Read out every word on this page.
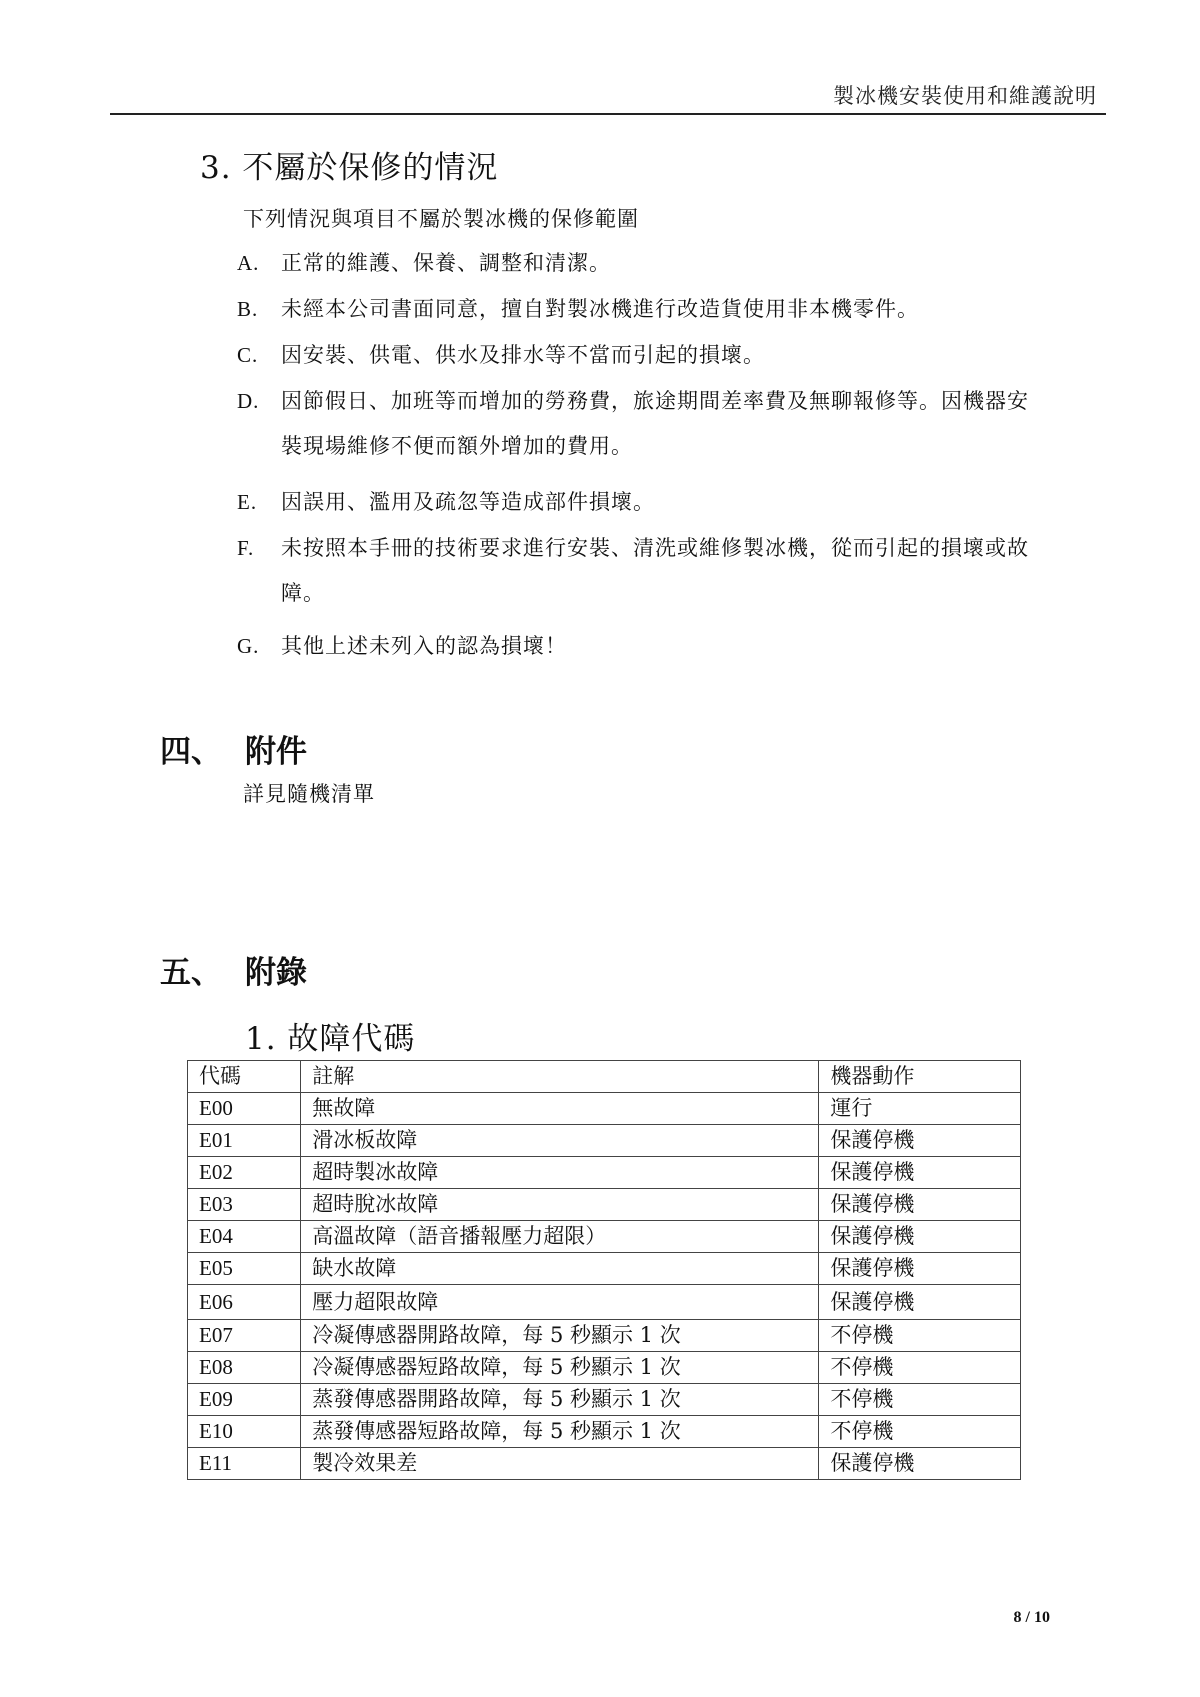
製冰機安裝使用和維護說明
3. 不屬於保修的情況
下列情況與項目不屬於製冰機的保修範圍
A. 正常的維護、保養、調整和清潔。
B. 未經本公司書面同意，擅自對製冰機進行改造貨使用非本機零件。
C. 因安裝、供電、供水及排水等不當而引起的損壞。
D. 因節假日、加班等而增加的勞務費，旅途期間差率費及無聊報修等。因機器安裝現場維修不便而額外增加的費用。
E. 因誤用、濫用及疏忽等造成部件損壞。
F. 未按照本手冊的技術要求進行安裝、清洗或維修製冰機，從而引起的損壞或故障。
G. 其他上述未列入的認為損壞！
四、 附件
詳見隨機清單
五、 附錄
1. 故障代碼
代碼	註解	機器動作
E00	無故障	運行
E01	滑冰板故障	保護停機
E02	超時製冰故障	保護停機
E03	超時脫冰故障	保護停機
E04	高溫故障（語音播報壓力超限）	保護停機
E05	缺水故障	保護停機
E06	壓力超限故障	保護停機
E07	冷凝傳感器開路故障，每 5 秒顯示 1 次	不停機
E08	冷凝傳感器短路故障，每 5 秒顯示 1 次	不停機
E09	蒸發傳感器開路故障，每 5 秒顯示 1 次	不停機
E10	蒸發傳感器短路故障，每 5 秒顯示 1 次	不停機
E11	製冷效果差	保護停機
8 / 10
